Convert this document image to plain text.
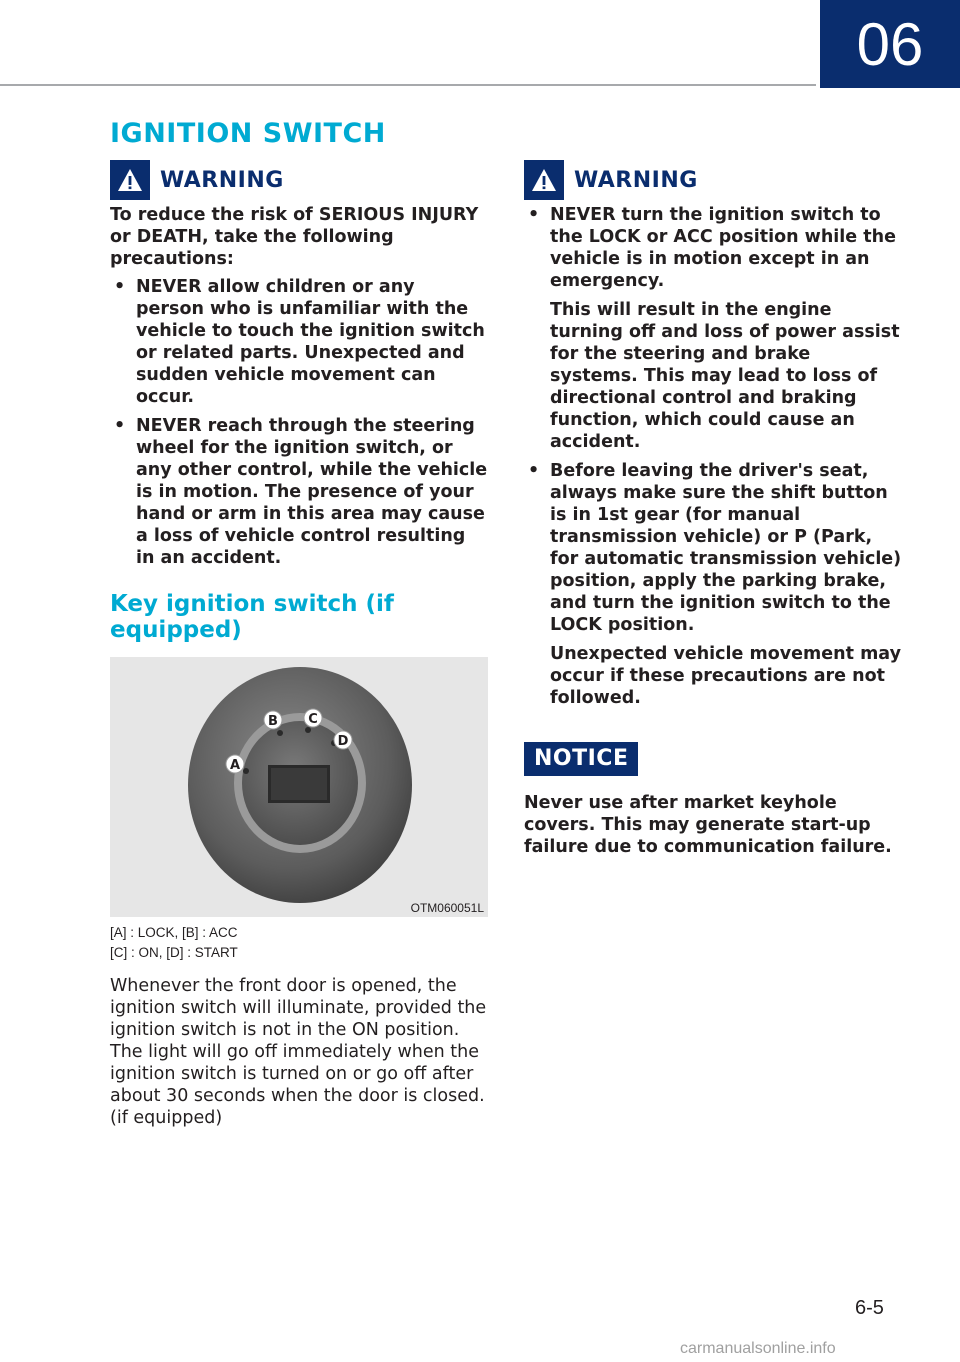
06
IGNITION SWITCH
WARNING

To reduce the risk of SERIOUS INJURY or DEATH, take the following precautions:

• NEVER allow children or any person who is unfamiliar with the vehicle to touch the ignition switch or related parts. Unexpected and sudden vehicle movement can occur.
• NEVER reach through the steering wheel for the ignition switch, or any other control, while the vehicle is in motion. The presence of your hand or arm in this area may cause a loss of vehicle control resulting in an accident.
Key ignition switch (if equipped)
A
B C
D
OTM060051L
[A] : LOCK, [B] : ACC
[C] : ON, [D] : START

Whenever the front door is opened, the ignition switch will illuminate, provided the ignition switch is not in the ON position. The light will go off immediately when the ignition switch is turned on or go off after about 30 seconds when the door is closed. (if equipped)

WARNING
• NEVER turn the ignition switch to the LOCK or ACC position while the vehicle is in motion except in an emergency.
This will result in the engine turning off and loss of power assist for the steering and brake systems. This may lead to loss of directional control and braking function, which could cause an accident.
• Before leaving the driver's seat, always make sure the shift button is in 1st gear (for manual transmission vehicle) or P (Park, for automatic transmission vehicle) position, apply the parking brake, and turn the ignition switch to the LOCK position.
Unexpected vehicle movement may occur if these precautions are not followed.
NOTICE

Never use after market keyhole covers. This may generate start-up failure due to communication failure.

6-5
carmanualsonline.info
